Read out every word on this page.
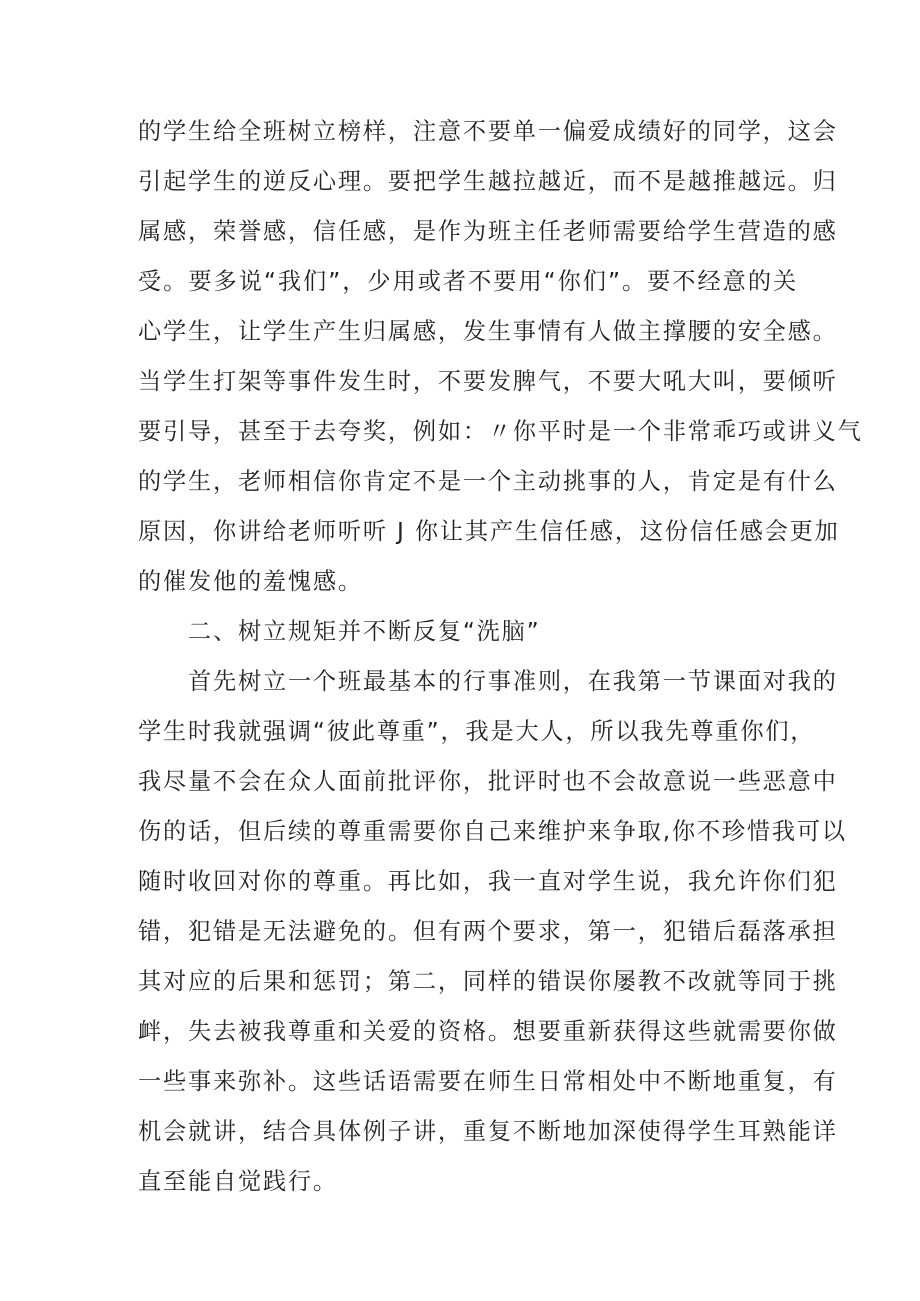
的学生给全班树立榜样，注意不要单一偏爱成绩好的同学，这会
引起学生的逆反心理。要把学生越拉越近，而不是越推越远。归
属感，荣誉感，信任感，是作为班主任老师需要给学生营造的感
受。要多说“我们”，少用或者不要用“你们”。要不经意的关
心学生，让学生产生归属感，发生事情有人做主撑腰的安全感。
当学生打架等事件发生时，不要发脾气，不要大吼大叫，要倾听
要引导，甚至于去夸奖，例如：〃你平时是一个非常乖巧或讲义气
的学生，老师相信你肯定不是一个主动挑事的人，肯定是有什么
原因，你讲给老师听听 J 你让其产生信任感，这份信任感会更加
的催发他的羞愧感。
二、树立规矩并不断反复“洗脑”
首先树立一个班最基本的行事准则，在我第一节课面对我的
学生时我就强调“彼此尊重”，我是大人，所以我先尊重你们，
我尽量不会在众人面前批评你，批评时也不会故意说一些恶意中
伤的话，但后续的尊重需要你自己来维护来争取,你不珍惜我可以
随时收回对你的尊重。再比如，我一直对学生说，我允许你们犯
错，犯错是无法避免的。但有两个要求，第一，犯错后磊落承担
其对应的后果和惩罚；第二，同样的错误你屡教不改就等同于挑
衅，失去被我尊重和关爱的资格。想要重新获得这些就需要你做
一些事来弥补。这些话语需要在师生日常相处中不断地重复，有
机会就讲，结合具体例子讲，重复不断地加深使得学生耳熟能详
直至能自觉践行。
